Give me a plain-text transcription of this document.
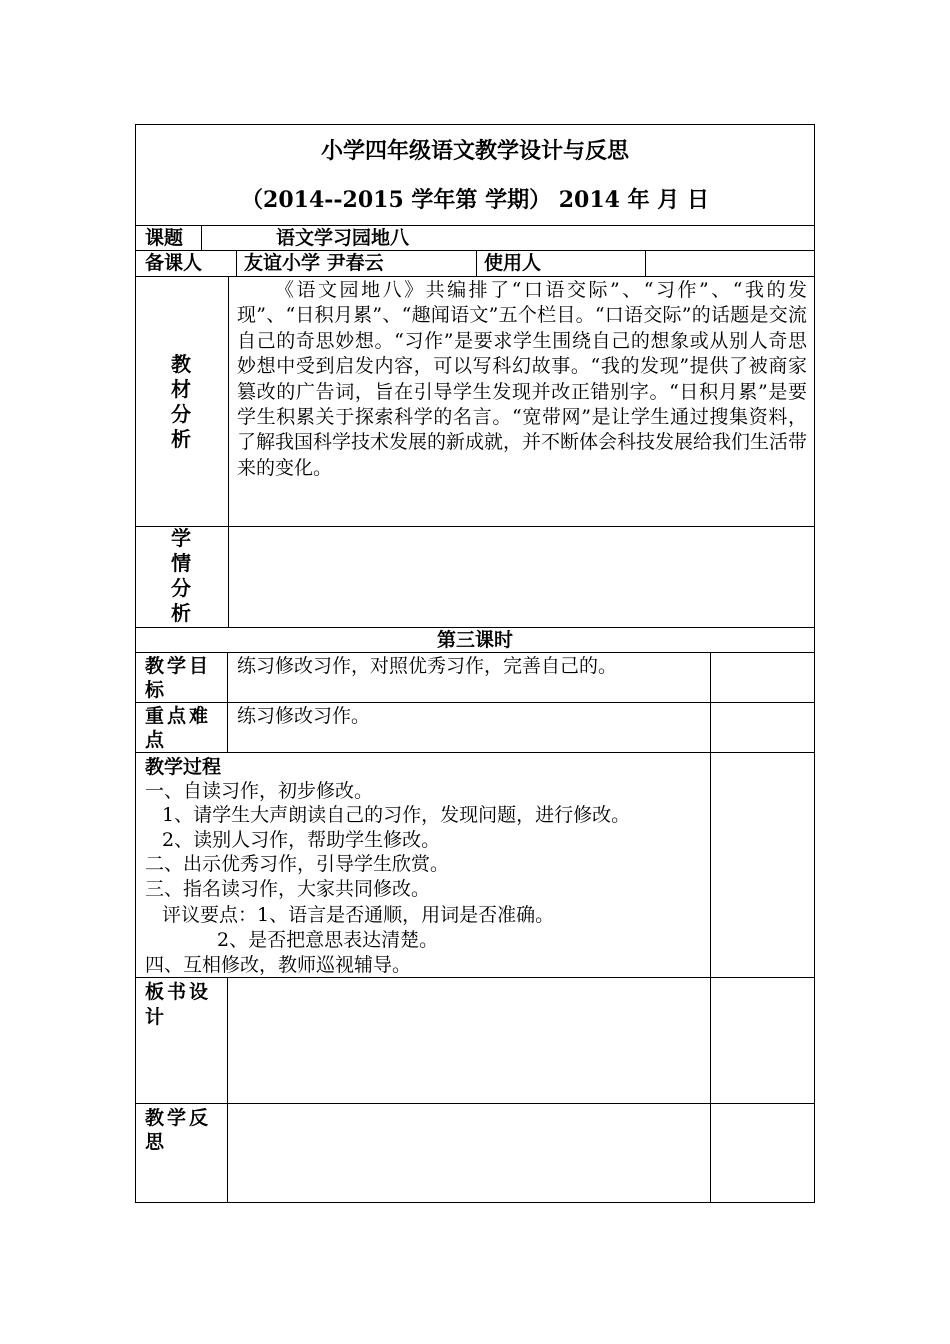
小学四年级语文教学设计与反思
（2014--2015 学年第 学期） 2014 年 月 日
课题	语文学习园地八
备课人 友谊小学 尹春云	使用人
教材分析
《语文园地八》共编排了“口语交际”、“习作”、“我的发现”、“日积月累”、“趣闻语文”五个栏目。“口语交际”的话题是交流自己的奇思妙想。“习作”是要求学生围绕自己的想象或从别人奇思妙想中受到启发内容，可以写科幻故事。“我的发现”提供了被商家篡改的广告词，旨在引导学生发现并改正错别字。“日积月累”是要学生积累关于探索科学的名言。“宽带网”是让学生通过搜集资料，了解我国科学技术发展的新成就，并不断体会科技发展给我们生活带来的变化。
学情分析
第三课时
教学目
标
练习修改习作，对照优秀习作，完善自己的。
重点难
点
练习修改习作。
教学过程
一、自读习作，初步修改。
1、请学生大声朗读自己的习作，发现问题，进行修改。
2、读别人习作，帮助学生修改。
二、出示优秀习作，引导学生欣赏。
三、指名读习作，大家共同修改。
评议要点：1、语言是否通顺，用词是否准确。
2、是否把意思表达清楚。
四、互相修改，教师巡视辅导。
板书设
计
教学反
思
